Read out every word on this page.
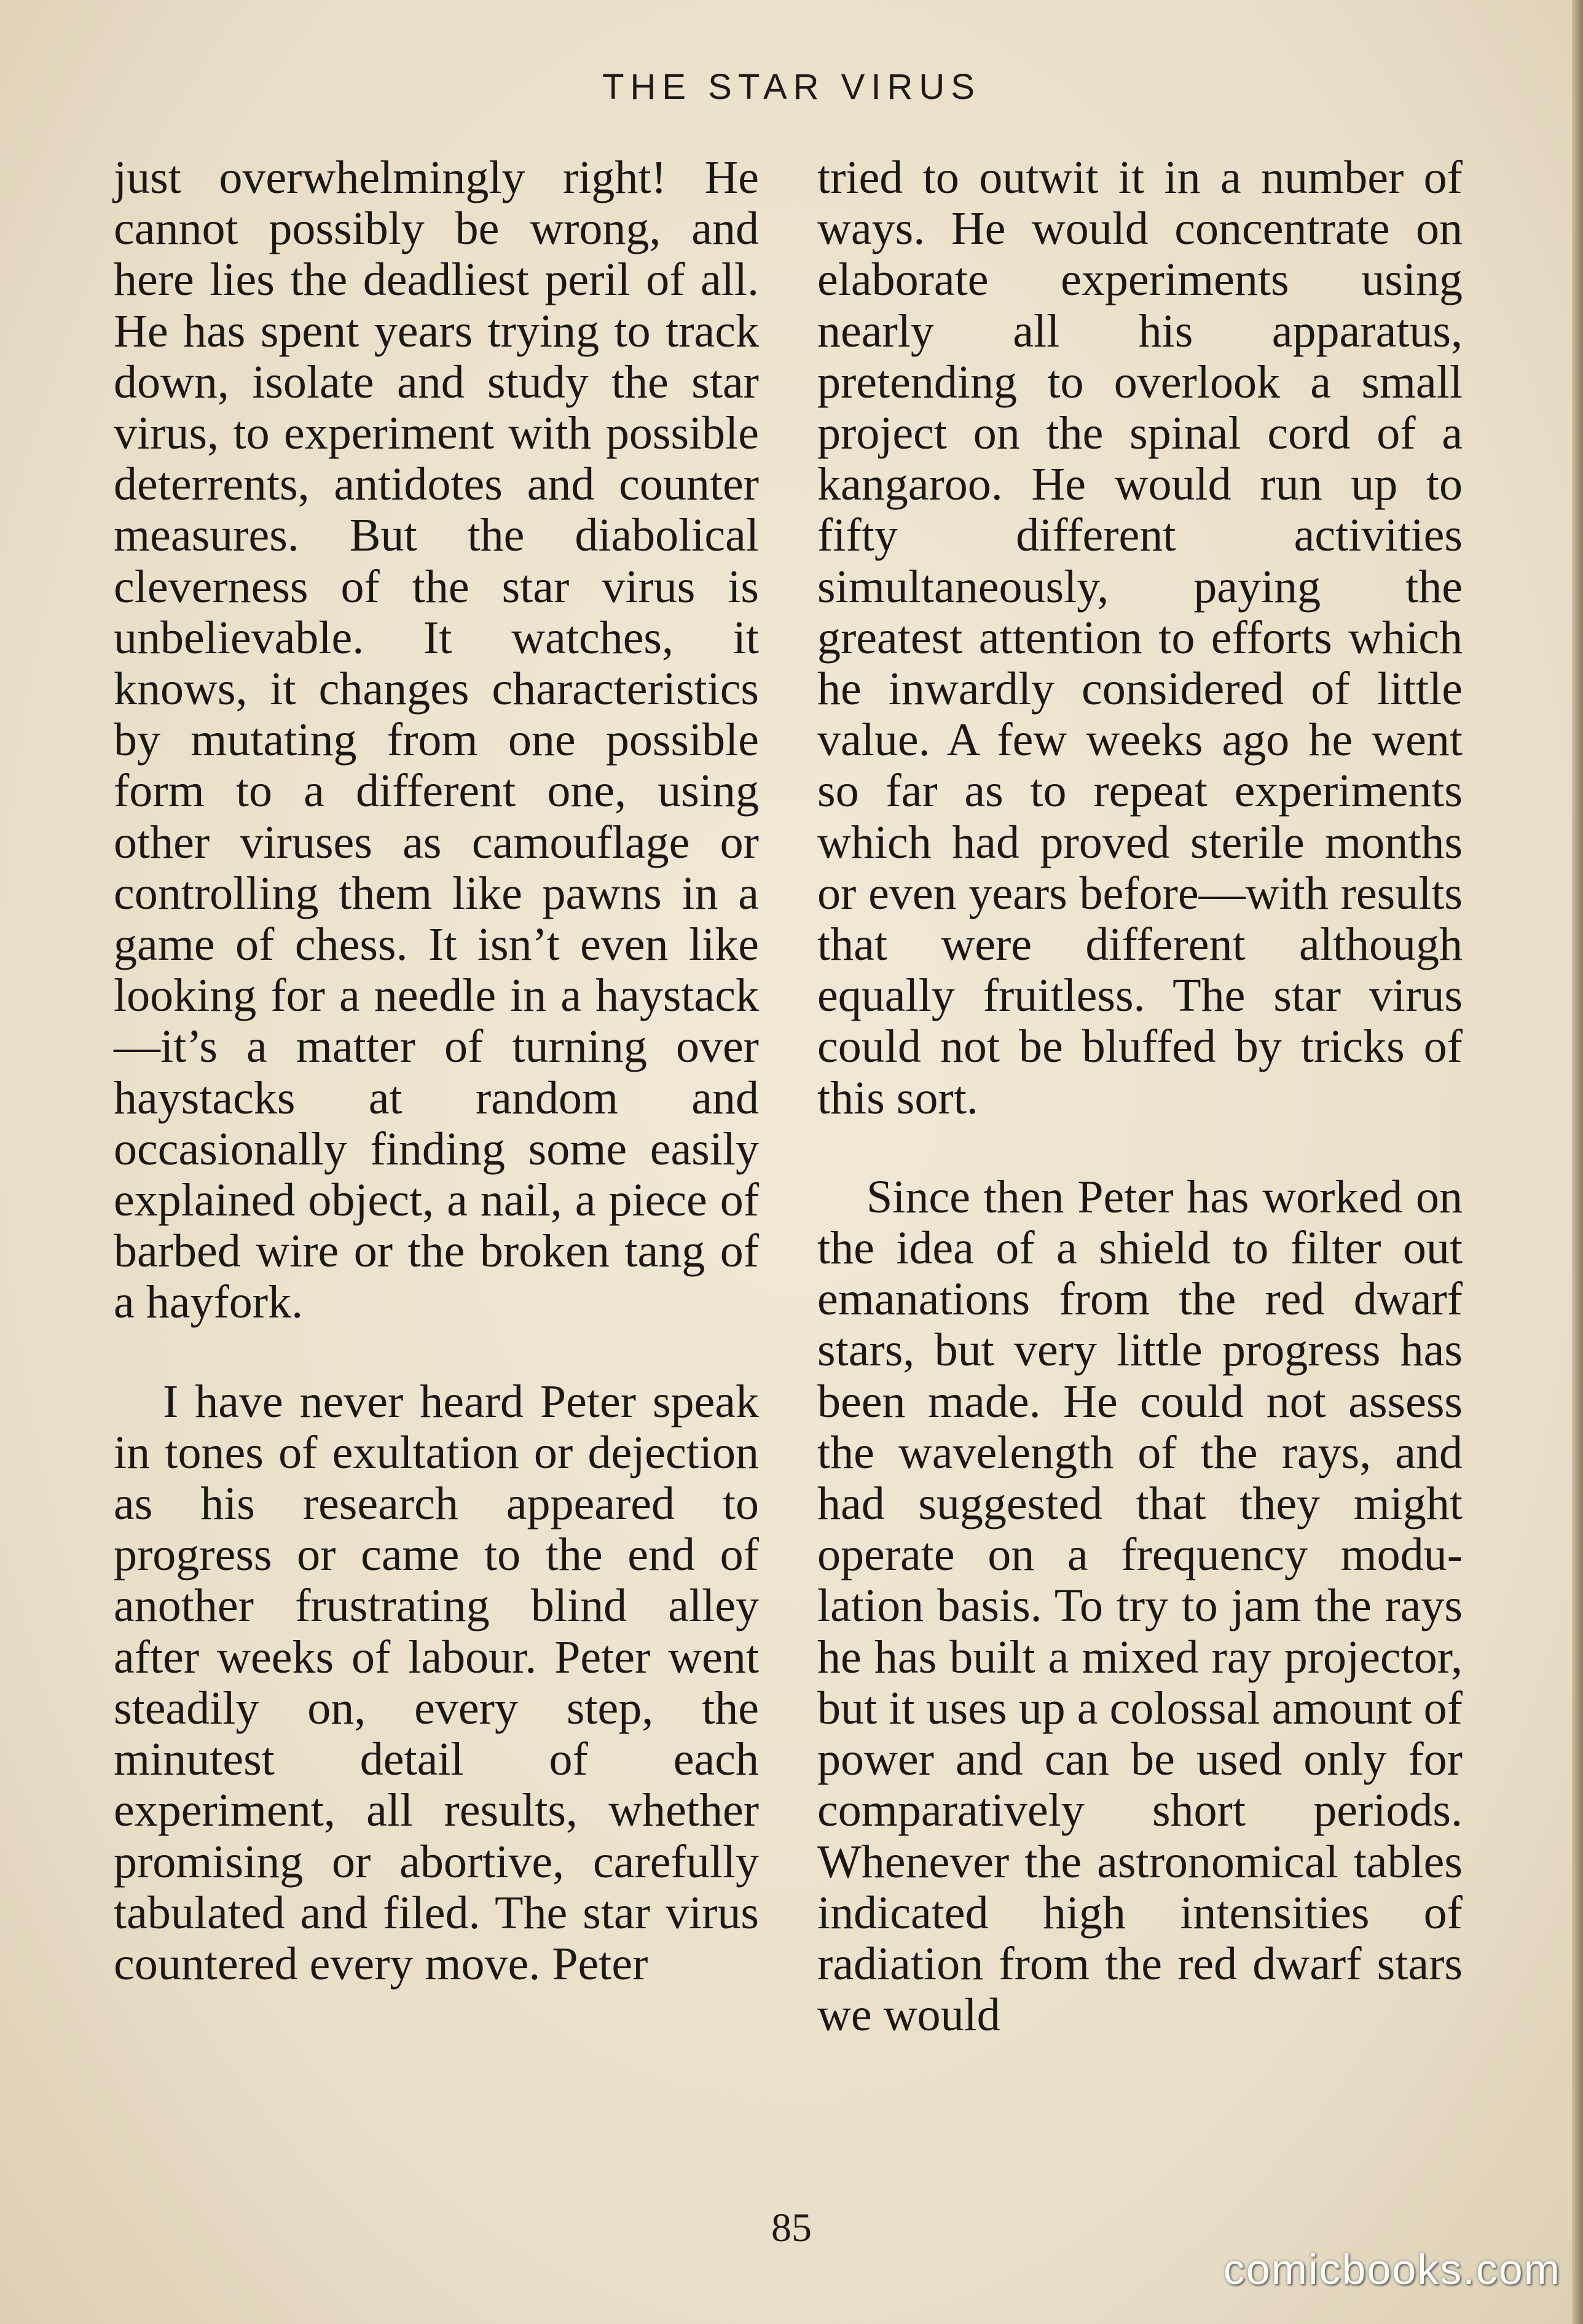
THE STAR VIRUS

just overwhelmingly right! He cannot possibly be wrong, and here lies the deadliest peril of all. He has spent years trying to track down, isolate and study the star virus, to experiment with possible deterrents, antidotes and counter measures. But the diabolical cleverness of the star virus is unbelievable. It watches, it knows, it changes characteristics by mutating from one possible form to a different one, using other viruses as camouflage or controlling them like pawns in a game of chess. It isn’t even like looking for a needle in a haystack—it’s a matter of turning over haystacks at random and occasionally finding some easily explained object, a nail, a piece of barbed wire or the broken tang of a hayfork.

I have never heard Peter speak in tones of exultation or dejection as his research appeared to progress or came to the end of another frustrating blind alley after weeks of labour. Peter went steadily on, every step, the minutest detail of each experiment, all results, whether promising or abortive, carefully tabulated and filed. The star virus countered every move. Peter

tried to outwit it in a number of ways. He would concentrate on elaborate experiments using nearly all his apparatus, pretending to overlook a small project on the spinal cord of a kangaroo. He would run up to fifty different activities simultaneously, paying the greatest attention to efforts which he inwardly considered of little value. A few weeks ago he went so far as to repeat experiments which had proved sterile months or even years before—with results that were different although equally fruitless. The star virus could not be bluffed by tricks of this sort.

Since then Peter has worked on the idea of a shield to filter out emanations from the red dwarf stars, but very little progress has been made. He could not assess the wavelength of the rays, and had suggested that they might operate on a frequency modulation basis. To try to jam the rays he has built a mixed ray projector, but it uses up a colossal amount of power and can be used only for comparatively short periods. Whenever the astronomical tables indicated high intensities of radiation from the red dwarf stars we would

85
comicbooks.com
